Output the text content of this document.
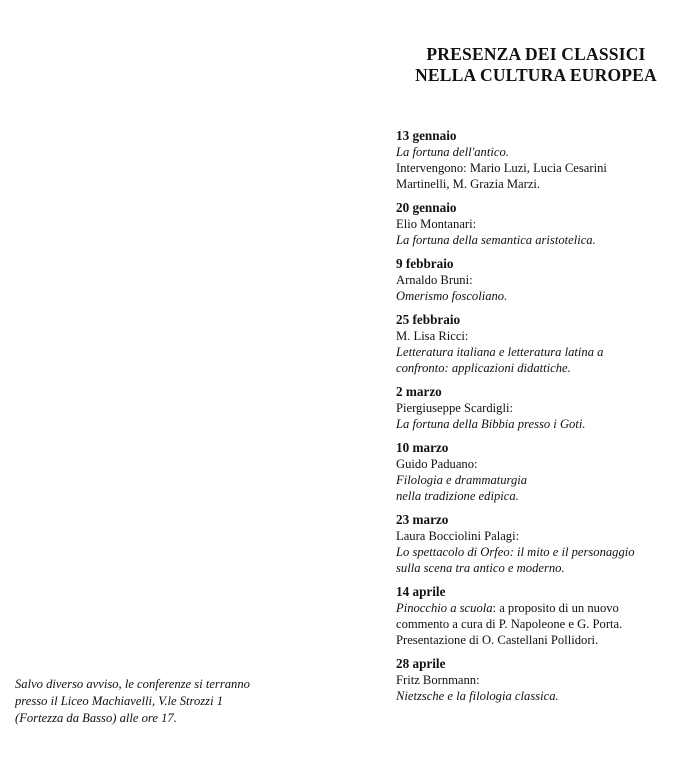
PRESENZA DEI CLASSICI
NELLA CULTURA EUROPEA
13 gennaio
La fortuna dell'antico.
Intervengono: Mario Luzi, Lucia Cesarini
Martinelli, M. Grazia Marzi.
20 gennaio
Elio Montanari:
La fortuna della semantica aristotelica.
9 febbraio
Arnaldo Bruni:
Omerismo foscoliano.
25 febbraio
M. Lisa Ricci:
Letteratura italiana e letteratura latina a
confronto: applicazioni didattiche.
2 marzo
Piergiuseppe Scardigli:
La fortuna della Bibbia presso i Goti.
10 marzo
Guido Paduano:
Filologia e drammaturgia
nella tradizione edipica.
23 marzo
Laura Bocciolini Palagi:
Lo spettacolo di Orfeo: il mito e il personaggio
sulla scena tra antico e moderno.
14 aprile
Pinocchio a scuola: a proposito di un nuovo
commento a cura di P. Napoleone e G. Porta.
Presentazione di O. Castellani Pollidori.
28 aprile
Fritz Bornmann:
Nietzsche e la filologia classica.
Salvo diverso avviso, le conferenze si terranno
presso il Liceo Machiavelli, V.le Strozzi 1
(Fortezza da Basso) alle ore 17.
